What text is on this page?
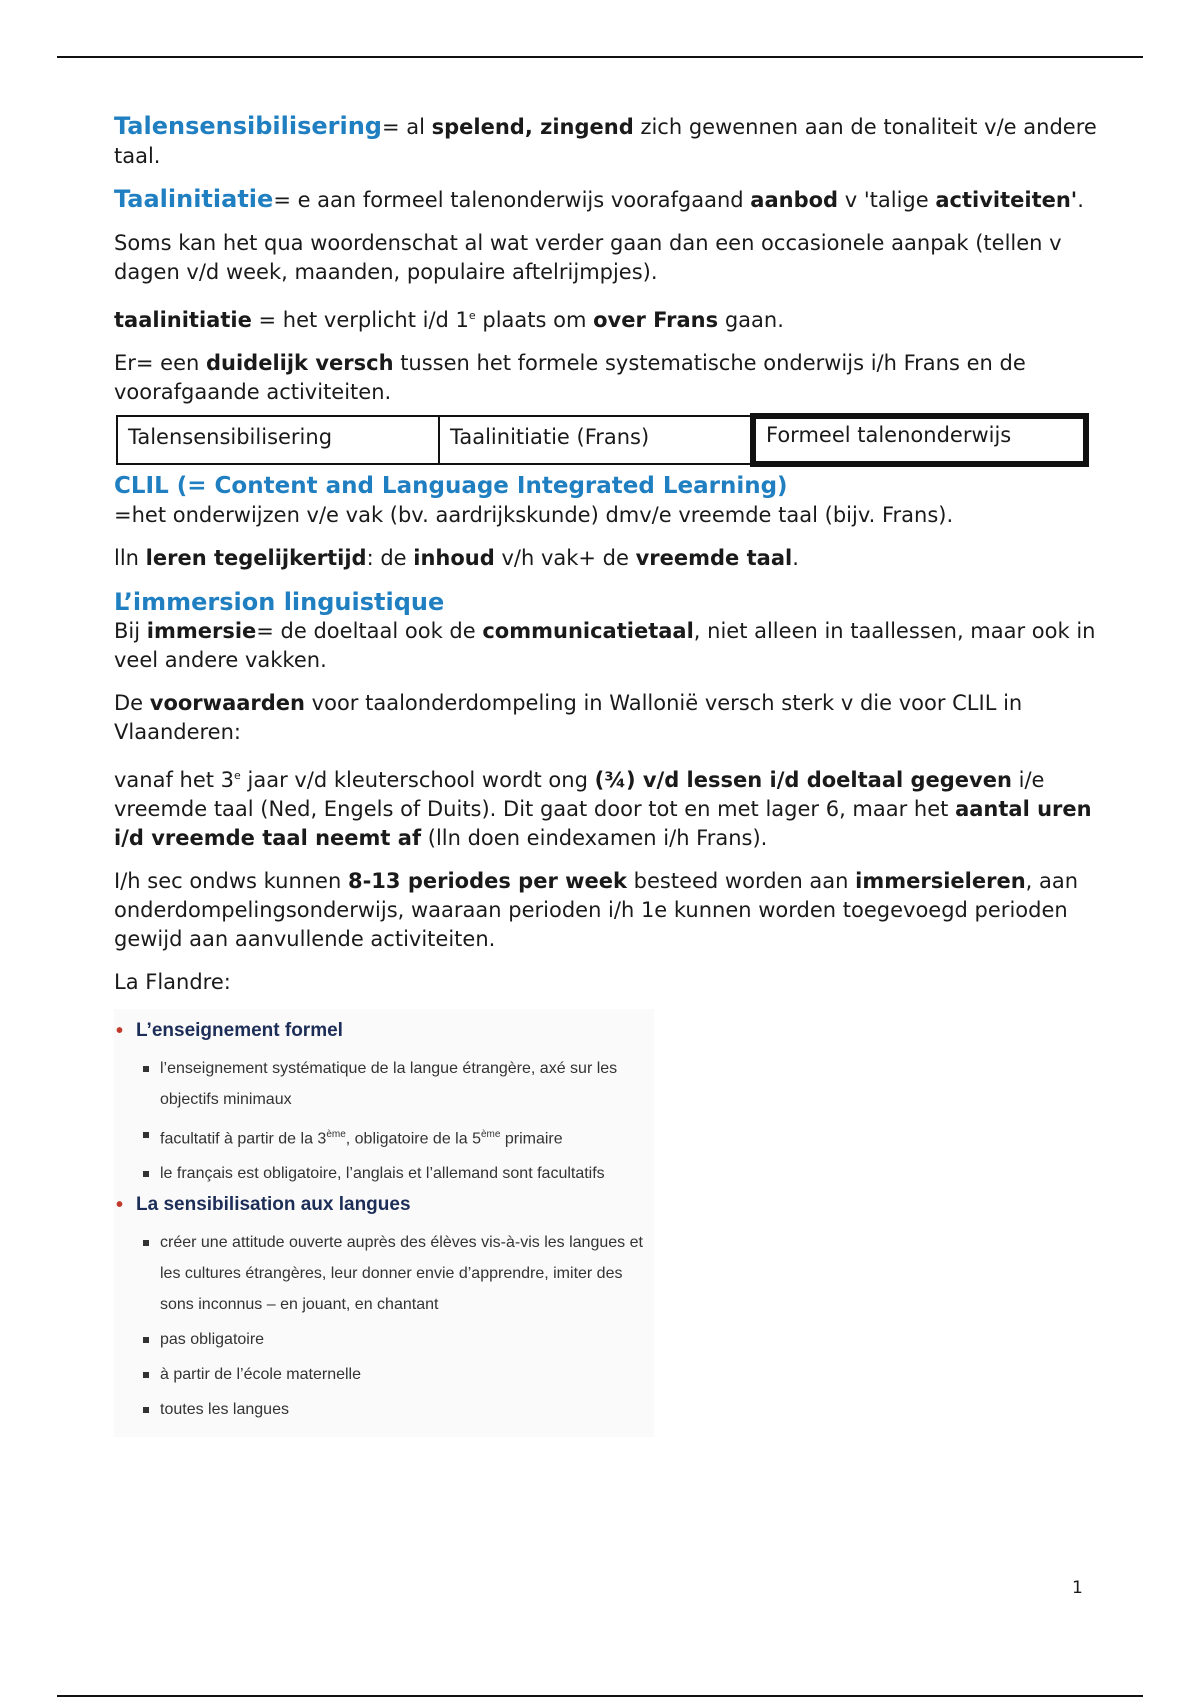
Talensensibilisering= al spelend, zingend zich gewennen aan de tonaliteit v/e andere taal.

Taalinitiatie= e aan formeel talenonderwijs voorafgaand aanbod v 'talige activiteiten'.

Soms kan het qua woordenschat al wat verder gaan dan een occasionele aanpak (tellen v dagen v/d week, maanden, populaire aftelrijmpjes).

taalinitiatie = het verplicht i/d 1e plaats om over Frans gaan.

Er= een duidelijk versch tussen het formele systematische onderwijs i/h Frans en de voorafgaande activiteiten.

Talensensibilisering	Taalinitiatie (Frans)	Formeel talenonderwijs
CLIL (= Content and Language Integrated Learning)

=het onderwijzen v/e vak (bv. aardrijkskunde) dmv/e vreemde taal (bijv. Frans).

lln leren tegelijkertijd: de inhoud v/h vak+ de vreemde taal.

L’immersion linguistique

Bij immersie= de doeltaal ook de communicatietaal, niet alleen in taallessen, maar ook in veel andere vakken.

De voorwaarden voor taalonderdompeling in Wallonië versch sterk v die voor CLIL in Vlaanderen:

vanaf het 3e jaar v/d kleuterschool wordt ong (¾) v/d lessen i/d doeltaal gegeven i/e vreemde taal (Ned, Engels of Duits). Dit gaat door tot en met lager 6, maar het aantal uren i/d vreemde taal neemt af (lln doen eindexamen i/h Frans).

I/h sec ondws kunnen 8-13 periodes per week besteed worden aan immersieleren, aan onderdompelingsonderwijs, waaraan perioden i/h 1e kunnen worden toegevoegd perioden gewijd aan aanvullende activiteiten.

La Flandre:

• L’enseignement formel
l’enseignement systématique de la langue étrangère, axé sur les objectifs minimaux
facultatif à partir de la 3ème, obligatoire de la 5ème primaire
le français est obligatoire, l’anglais et l’allemand sont facultatifs
• La sensibilisation aux langues
créer une attitude ouverte auprès des élèves vis-à-vis les langues et les cultures étrangères, leur donner envie d’apprendre, imiter des sons inconnus – en jouant, en chantant
pas obligatoire
à partir de l’école maternelle
toutes les langues
1
